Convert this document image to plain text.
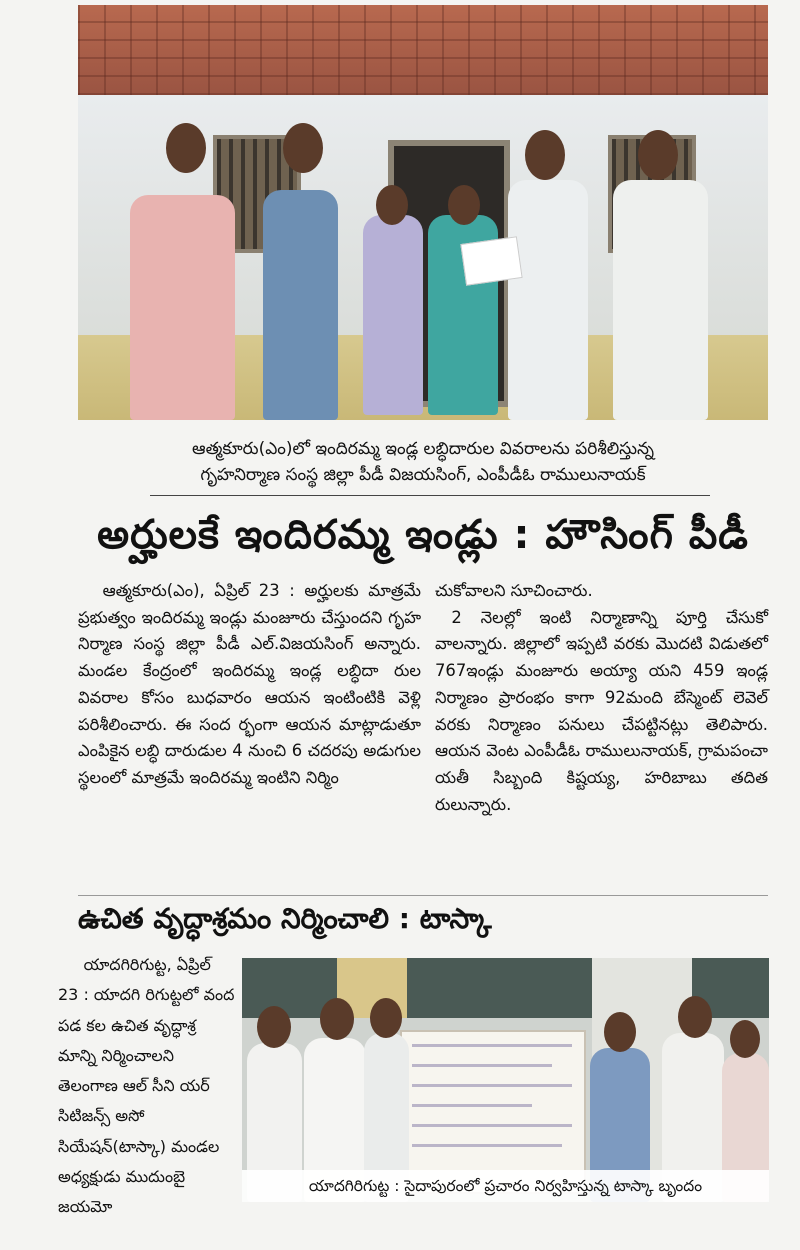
ఆత్మకూరు(ఎం)లో ఇందిరమ్మ ఇండ్ల లబ్ధిదారుల వివరాలను పరిశీలిస్తున్న
గృహనిర్మాణ సంస్థ జిల్లా పీడీ విజయసింగ్, ఎంపీడీఓ రాములునాయక్
అర్హులకే ఇందిరమ్మ ఇండ్లు : హౌసింగ్ పీడీ

ఆత్మకూరు(ఎం), ఏప్రిల్ 23 : అర్హులకు మాత్రమే ప్రభుత్వం ఇందిరమ్మ ఇండ్లు మంజూరు చేస్తుందని గృహ నిర్మాణ సంస్థ జిల్లా పీడీ ఎల్.విజయసింగ్ అన్నారు. మండల కేంద్రంలో ఇందిరమ్మ ఇండ్ల లబ్ధిదా రుల వివరాల కోసం బుధవారం ఆయన ఇంటింటికి వెళ్లి పరిశీలించారు. ఈ సంద ర్భంగా ఆయన మాట్లాడుతూ ఎంపికైన లబ్ధి దారుడుల 4 నుంచి 6 చదరపు అడుగుల స్థలంలో మాత్రమే ఇందిరమ్మ ఇంటిని నిర్మిం

చుకోవాలని సూచించారు.

2 నెలల్లో ఇంటి నిర్మాణాన్ని పూర్తి చేసుకో వాలన్నారు. జిల్లాలో ఇప్పటి వరకు మొదటి విడుతలో 767ఇండ్లు మంజూరు అయ్యా యని 459 ఇండ్ల నిర్మాణం ప్రారంభం కాగా 92మంది బేస్మెంట్ లెవెల్ వరకు నిర్మాణం పనులు చేపట్టినట్లు తెలిపారు. ఆయన వెంట ఎంపీడీఓ రాములునాయక్, గ్రామపంచా యతీ సిబ్బంది కిష్టయ్య, హరిబాబు తదిత రులున్నారు.

ఉచిత వృద్ధాశ్రమం నిర్మించాలి : టాస్కా

యాదగిరిగుట్ట, ఏప్రిల్ 23 : యాదగి రిగుట్టలో వంద పడ కల ఉచిత వృద్ధాశ్ర మాన్ని నిర్మించాలని తెలంగాణ ఆల్ సీని యర్ సిటిజన్స్ అసో సియేషన్(టాస్కా) మండల అధ్యక్షుడు ముదుంబై జయమో

యాదగిరిగుట్ట : సైదాపురంలో ప్రచారం నిర్వహిస్తున్న టాస్కా బృందం
